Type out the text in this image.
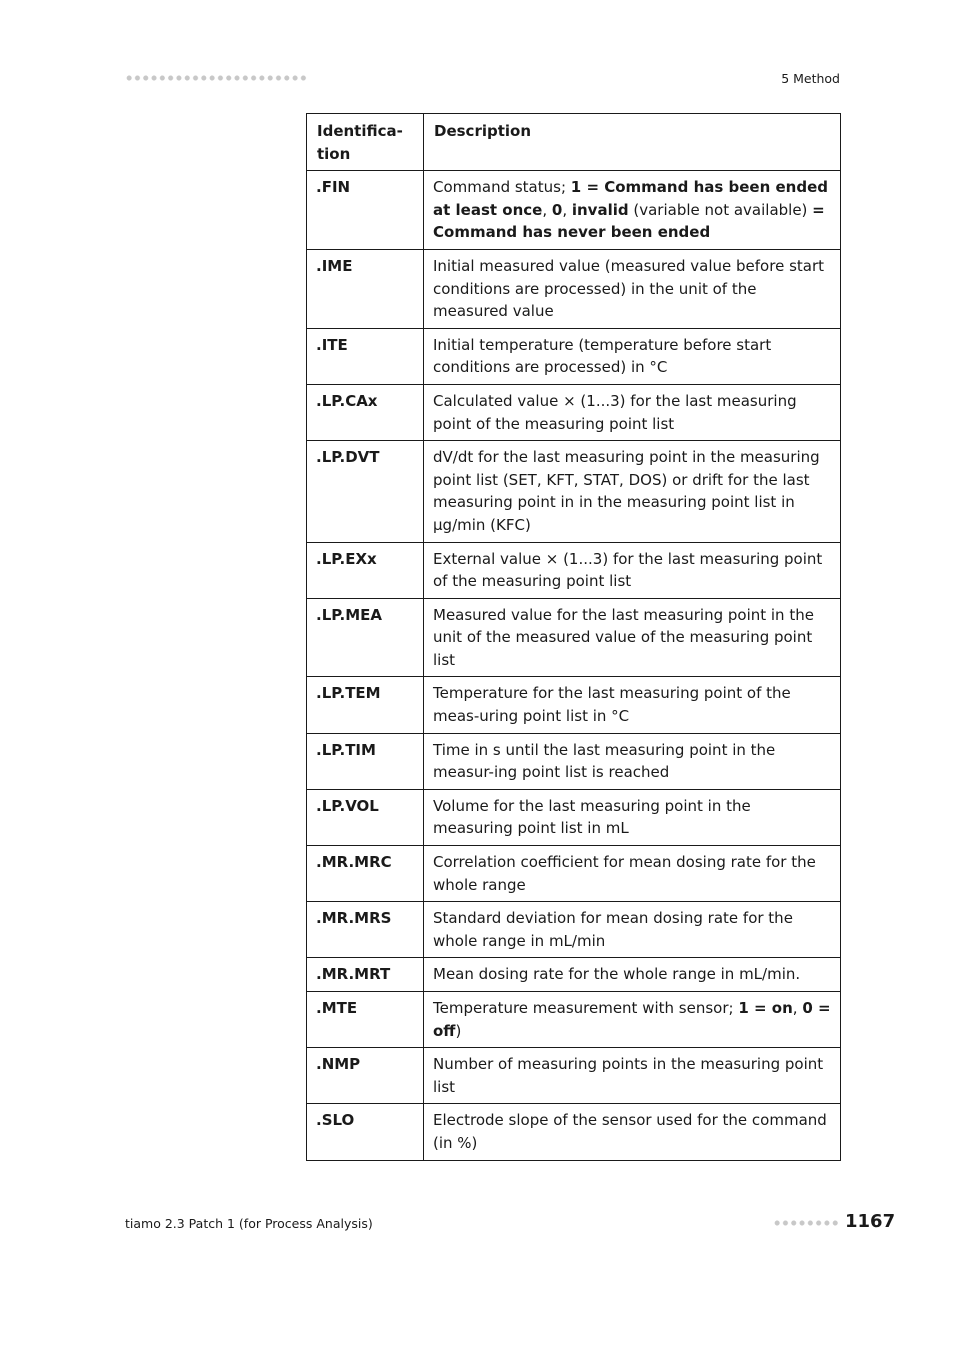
5 Method
Identifica-
tion	Description
.FIN	Command status; 1 = Command has been ended at least once, 0, invalid (variable not available) = Command has never been ended
.IME	Initial measured value (measured value before start conditions are processed) in the unit of the measured value
.ITE	Initial temperature (temperature before start conditions are processed) in °C
.LP.CAx	Calculated value × (1...3) for the last measuring point of the measuring point list
.LP.DVT	dV/dt for the last measuring point in the measuring point list (SET, KFT, STAT, DOS) or drift for the last measuring point in in the measuring point list in µg/min (KFC)
.LP.EXx	External value × (1...3) for the last measuring point of the measuring point list
.LP.MEA	Measured value for the last measuring point in the unit of the measured value of the measuring point list
.LP.TEM	Temperature for the last measuring point of the meas-uring point list in °C
.LP.TIM	Time in s until the last measuring point in the measur-ing point list is reached
.LP.VOL	Volume for the last measuring point in the measuring point list in mL
.MR.MRC	Correlation coefficient for mean dosing rate for the whole range
.MR.MRS	Standard deviation for mean dosing rate for the whole range in mL/min
.MR.MRT	Mean dosing rate for the whole range in mL/min.
.MTE	Temperature measurement with sensor; 1 = on, 0 = off)
.NMP	Number of measuring points in the measuring point list
.SLO	Electrode slope of the sensor used for the command (in %)
tiamo 2.3 Patch 1 (for Process Analysis)	1167
